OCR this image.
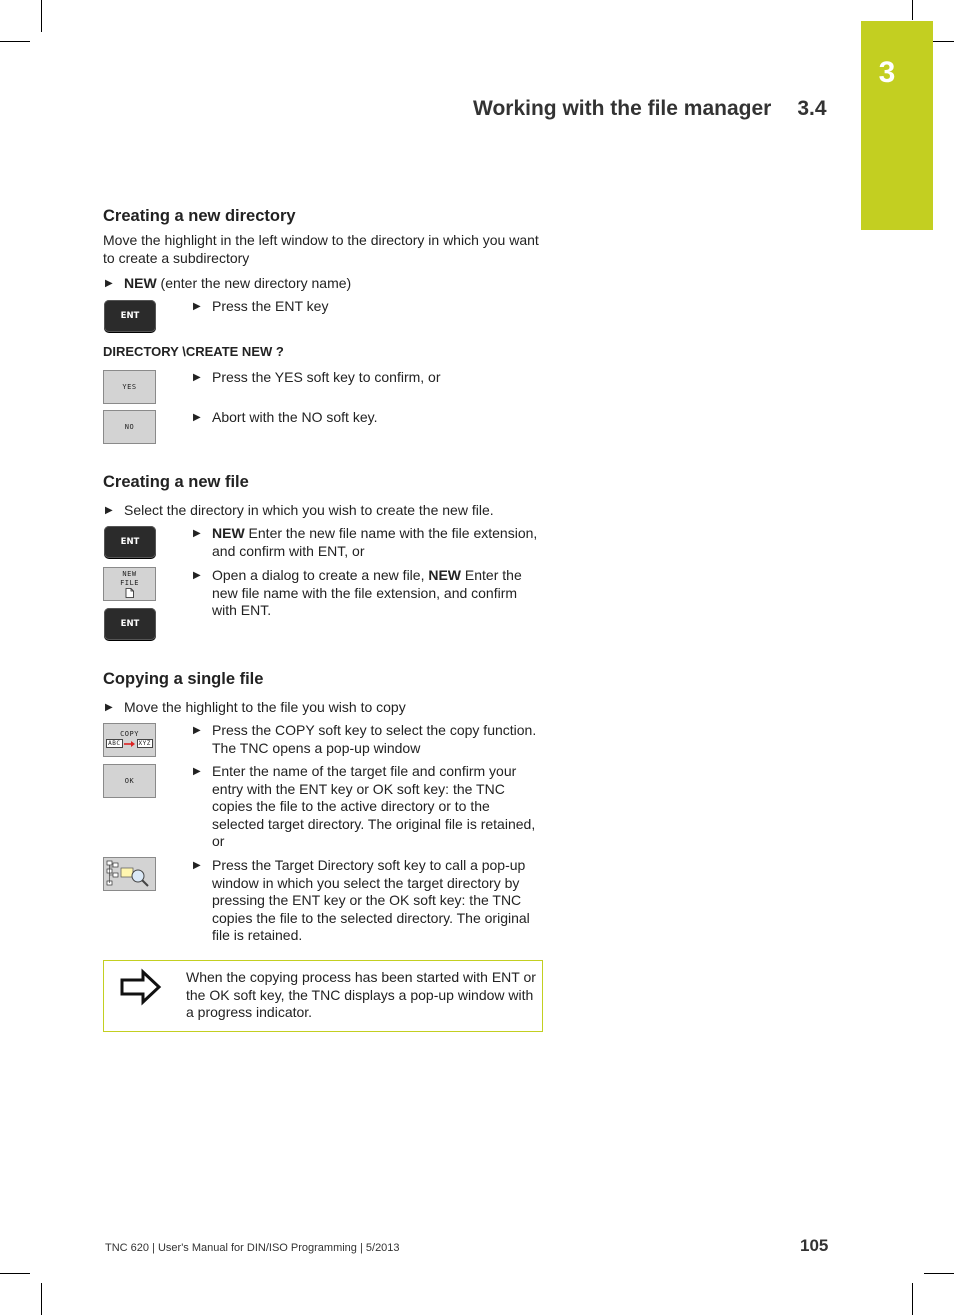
3
Working with the file manager 3.4
Creating a new directory
Move the highlight in the left window to the directory in which you want to create a subdirectory
▶ NEW (enter the new directory name)
ENT
▶ Press the ENT key
DIRECTORY \CREATE NEW ?
YES
▶ Press the YES soft key to confirm, or
NO
▶ Abort with the NO soft key.
Creating a new file
▶ Select the directory in which you wish to create the new file.
ENT
▶ NEW Enter the new file name with the file extension, and confirm with ENT, or
NEW
FILE
▶ Open a dialog to create a new file, NEW Enter the new file name with the file extension, and confirm with ENT.
ENT
Copying a single file
▶ Move the highlight to the file you wish to copy
COPY
ABC	XYZ
▶ Press the COPY soft key to select the copy function. The TNC opens a pop-up window
OK
▶ Enter the name of the target file and confirm your entry with the ENT key or OK soft key: the TNC copies the file to the active directory or to the selected target directory. The original file is retained, or
▶ Press the Target Directory soft key to call a pop-up window in which you select the target directory by pressing the ENT key or the OK soft key: the TNC copies the file to the selected directory. The original file is retained.
When the copying process has been started with ENT or the OK soft key, the TNC displays a pop-up window with a progress indicator.
TNC 620 | User's Manual for DIN/ISO Programming | 5/2013	105
